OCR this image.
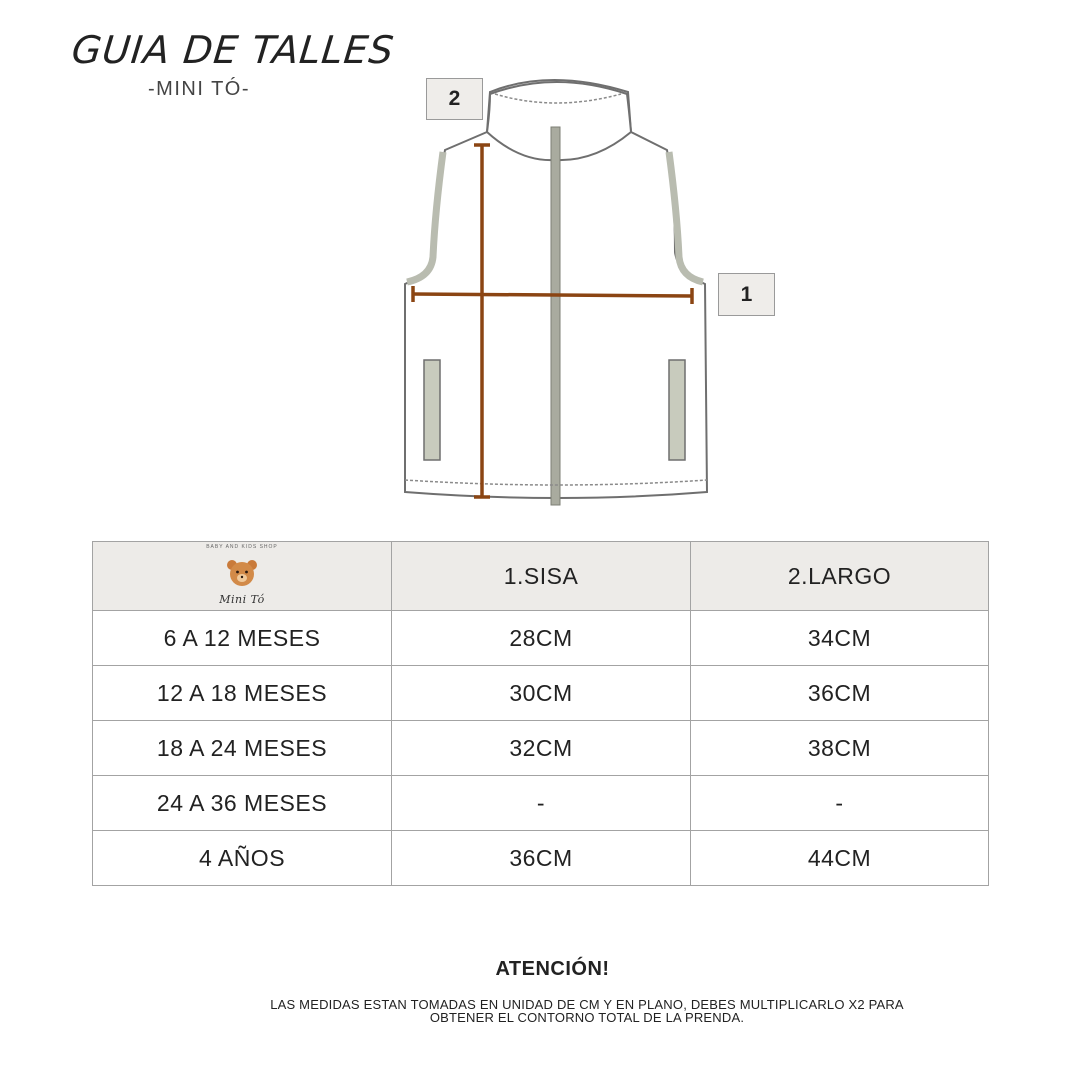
GUIA DE TALLES
-MINI TÓ-	2
1
BABY AND KIDS SHOP
Mini Tó	1.SISA	2.LARGO
6 A 12 MESES	28CM	34CM
12 A 18 MESES	30CM	36CM
18 A 24 MESES	32CM	38CM
24 A 36 MESES	-	-
4 AÑOS	36CM	44CM
ATENCIÓN!
LAS MEDIDAS ESTAN TOMADAS EN UNIDAD DE CM Y EN PLANO, DEBES MULTIPLICARLO X2 PARA
OBTENER EL CONTORNO TOTAL DE LA PRENDA.
